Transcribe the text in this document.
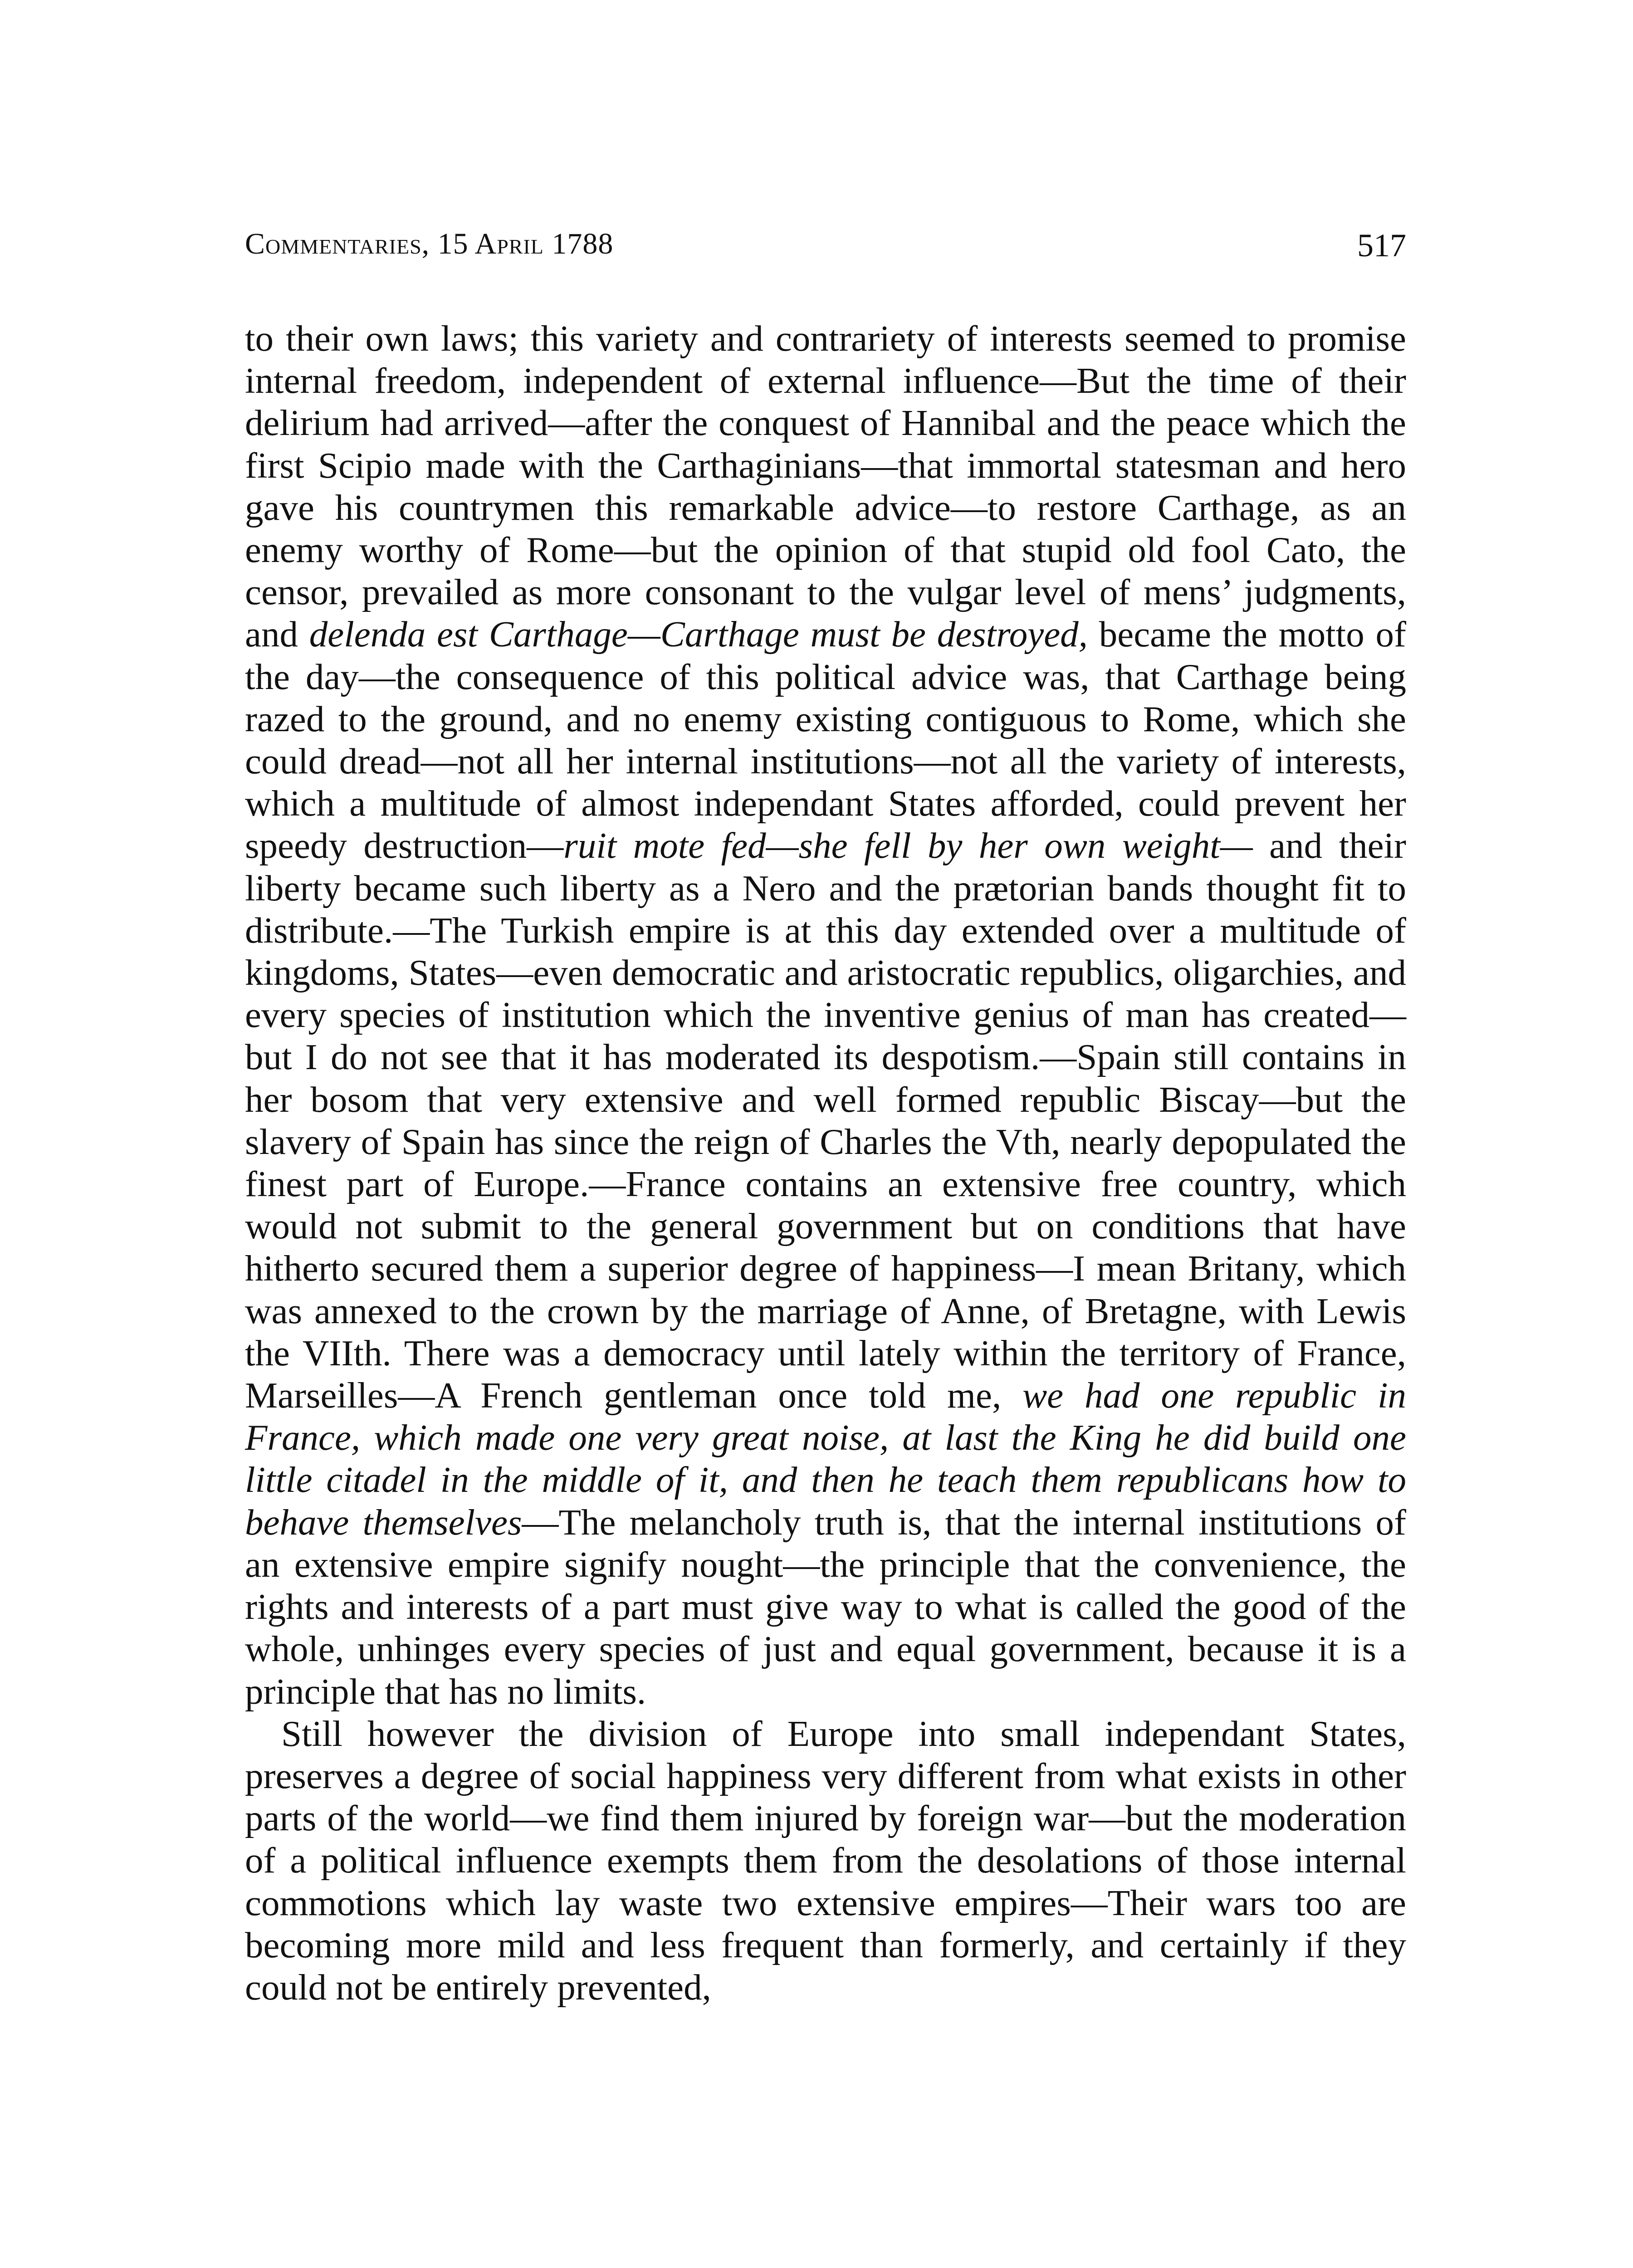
Commentaries, 15 April 1788	517

to their own laws; this variety and contrariety of interests seemed to promise internal freedom, independent of external influence—But the time of their delirium had arrived—after the conquest of Hannibal and the peace which the first Scipio made with the Carthaginians—that immortal statesman and hero gave his countrymen this remarkable advice—to restore Carthage, as an enemy worthy of Rome—but the opinion of that stupid old fool Cato, the censor, prevailed as more consonant to the vulgar level of mens’ judgments, and delenda est Carthage—Carthage must be destroyed, became the motto of the day—the consequence of this political advice was, that Carthage being razed to the ground, and no enemy existing contiguous to Rome, which she could dread—not all her internal institutions—not all the variety of interests, which a multitude of almost independant States afforded, could prevent her speedy destruction—ruit mote fed—she fell by her own weight— and their liberty became such liberty as a Nero and the prætorian bands thought fit to distribute.—The Turkish empire is at this day extended over a multitude of kingdoms, States—even democratic and aristocratic republics, oligarchies, and every species of institution which the inventive genius of man has created—but I do not see that it has moderated its despotism.—Spain still contains in her bosom that very extensive and well formed republic Biscay—but the slavery of Spain has since the reign of Charles the Vth, nearly depopulated the finest part of Europe.—France contains an extensive free country, which would not submit to the general government but on conditions that have hitherto secured them a superior degree of happiness—I mean Britany, which was annexed to the crown by the marriage of Anne, of Bretagne, with Lewis the VIIth. There was a democracy until lately within the territory of France, Marseilles—A French gentleman once told me, we had one republic in France, which made one very great noise, at last the King he did build one little citadel in the middle of it, and then he teach them republicans how to behave themselves—The melancholy truth is, that the internal institutions of an extensive empire signify nought—the principle that the convenience, the rights and interests of a part must give way to what is called the good of the whole, unhinges every species of just and equal government, because it is a principle that has no limits.

Still however the division of Europe into small independant States, preserves a degree of social happiness very different from what exists in other parts of the world—we find them injured by foreign war—but the moderation of a political influence exempts them from the desolations of those internal commotions which lay waste two extensive empires—Their wars too are becoming more mild and less frequent than formerly, and certainly if they could not be entirely prevented,
